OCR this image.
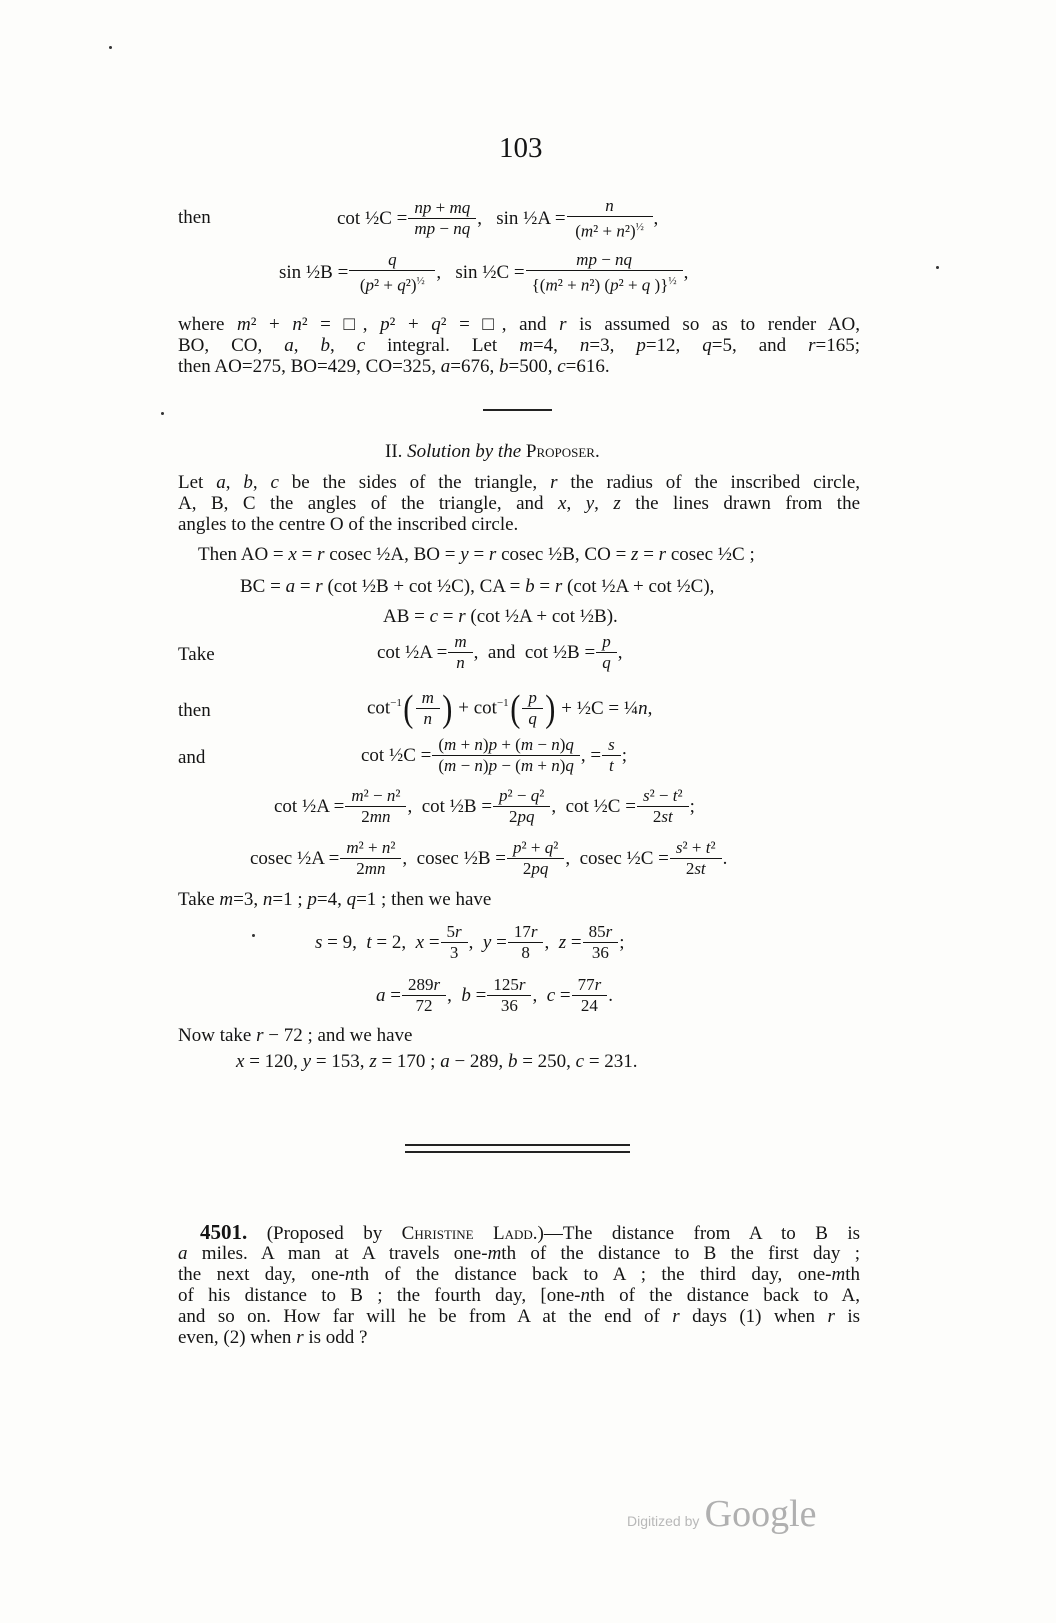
103
then	cot ½C = $\frac{np + mq}{mp - nq}$ ,   sin ½A = $\frac{n}{(m^2 + n^2)^{\frac{1}{2}}}$ ,
sin ½B = $\frac{q}{(p^2 + q^2)^{\frac{1}{2}}}$ ,   sin ½C = $\frac{mp - nq}{\{(m^2 + n^2) (p^2 + q )\}^{\frac{1}{2}}}$ ,
where m² + n² = □, p² + q² = □, and r is assumed so as to render AO,
BO, CO, a, b, c integral. Let m=4, n=3, p=12, q=5, and r=165;
then AO=275, BO=429, CO=325, a=676, b=500, c=616.
II. Solution by the Proposer.
Let a, b, c be the sides of the triangle, r the radius of the inscribed circle,
A, B, C the angles of the triangle, and x, y, z the lines drawn from the
angles to the centre O of the inscribed circle.
Then AO = x = r cosec ½A, BO = y = r cosec ½B, CO = z = r cosec ½C ;
BC = a = r (cot ½B + cot ½C), CA = b = r (cot ½A + cot ½C),
AB = c = r (cot ½A + cot ½B).
Take	cot ½A = $\frac{m}{n}$ ,  and  cot ½B = $\frac{p}{q}$ ,
then	$\cot^{-1}$ ( $\frac{m}{n}$ ) + $\cot^{-1}$ ( $\frac{p}{q}$ ) + ½C = ¼n,
and	cot ½C = $\frac{(m + n)p + (m - n)q}{(m - n)p - (m + n)q}$ , = $\frac{s}{t}$ ;
cot ½A = $\frac{\text{m² − n²}}{2mn}$ ,  cot ½B = $\frac{\text{p² − q²}}{2pq}$ ,  cot ½C = $\frac{\text{s² − t²}}{2st}$ ;
cosec ½A = $\frac{\text{m² + n²}}{2mn}$ ,  cosec ½B = $\frac{\text{p² + q²}}{2pq}$ ,  cosec ½C = $\frac{\text{s² + t²}}{2st}$ .
Take m=3, n=1 ; p=4, q=1 ; then we have
s = 9,  t = 2,  $x = \frac{5r}{3}$ ,  $y = \frac{17r}{8}$ ,  $z = \frac{85r}{36}$ ;
$a = \frac{289r}{72}$ ,  $b = \frac{125r}{36}$ ,  $c = \frac{77r}{24}$ .
Now take r − 72 ; and we have
x = 120, y = 153, z = 170 ; a − 289, b = 250, c = 231.
4501. (Proposed by Christine Ladd.)—The distance from A to B is
a miles. A man at A travels one-mth of the distance to B the first day ;
the next day, one-nth of the distance back to A ; the third day, one-mth
of his distance to B ; the fourth day, [one-nth of the distance back to A,
and so on. How far will he be from A at the end of r days (1) when r is
even, (2) when r is odd ?
Digitized by Google
